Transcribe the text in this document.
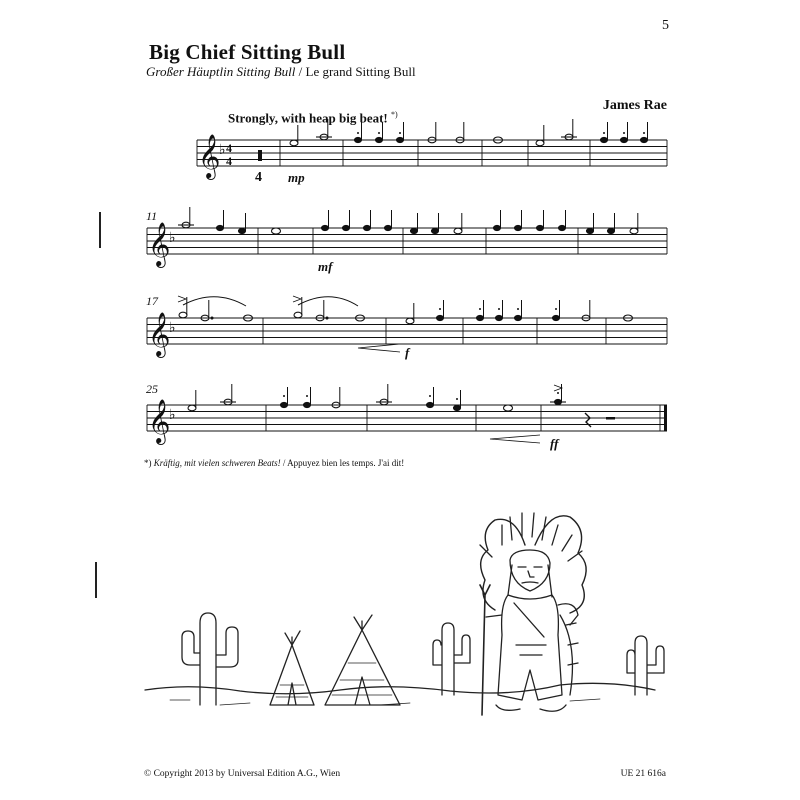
5
Big Chief Sitting Bull
Großer Häuptlin Sitting Bull / Le grand Sitting Bull
James Rae
Strongly, with heap big beat! *)
𝄞
♭ 4
4
4 mp
11
𝄞
♭
mf
17
𝄞
♭
f
25
𝄞
♭
ff
*) Kräftig, mit vielen schweren Beats! / Appuyez bien les temps. J'ai dit!
© Copyright 2013 by Universal Edition A.G., Wien	UE 21 616a
